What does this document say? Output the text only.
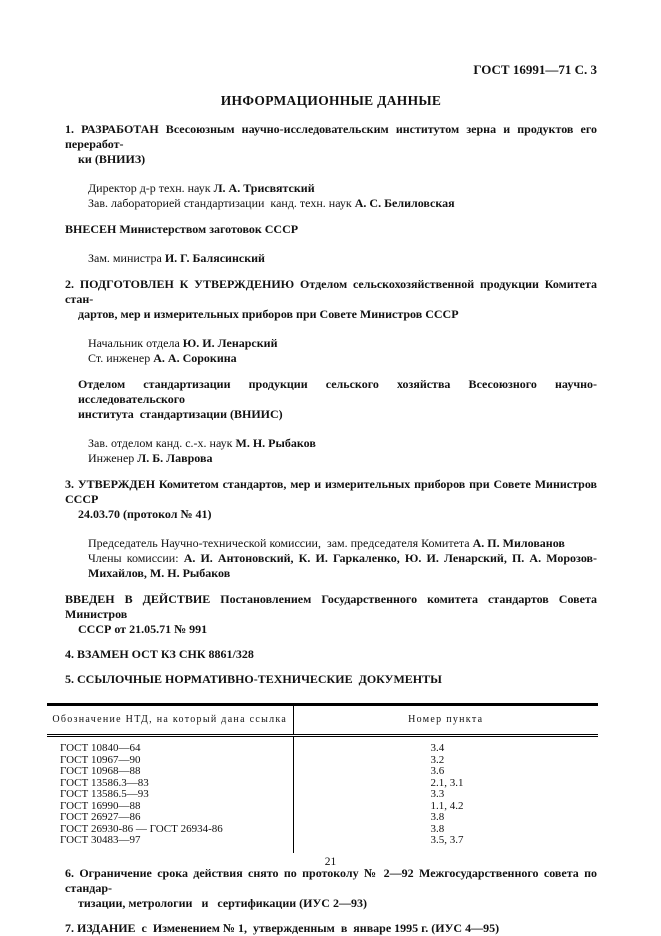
ГОСТ 16991—71 С. 3
ИНФОРМАЦИОННЫЕ ДАННЫЕ
1. РАЗРАБОТАН Всесоюзным научно-исследовательским институтом зерна и продуктов его переработ-
ки (ВНИИЗ)
Директор д-р техн. наук Л. А. Трисвятский
Зав. лабораторией стандартизации  канд. техн. наук А. С. Белиловская
ВНЕСЕН Министерством заготовок СССР
Зам. министра И. Г. Балясинский
2. ПОДГОТОВЛЕН К УТВЕРЖДЕНИЮ Отделом сельскохозяйственной продукции Комитета стан-
дартов, мер и измерительных приборов при Совете Министров СССР
Начальник отдела Ю. И. Ленарский
Ст. инженер А. А. Сорокина
Отделом стандартизации продукции сельского хозяйства Всесоюзного научно-исследовательского
института  стандартизации (ВНИИС)
Зав. отделом канд. с.-х. наук М. Н. Рыбаков
Инженер Л. Б. Лаврова
3. УТВЕРЖДЕН Комитетом стандартов, мер и измерительных приборов при Совете Министров СССР
24.03.70 (протокол № 41)
Председатель Научно-технической комиссии,  зам. председателя Комитета А. П. Милованов
Члены комиссии: А. И. Антоновский, К. И. Гаркаленко, Ю. И. Ленарский, П. А. Морозов-
Михайлов, М. Н. Рыбаков
ВВЕДЕН В ДЕЙСТВИЕ Постановлением Государственного комитета стандартов Совета Министров
СССР от 21.05.71 № 991
4. ВЗАМЕН ОСТ КЗ СНК 8861/328
5. ССЫЛОЧНЫЕ НОРМАТИВНО-ТЕХНИЧЕСКИЕ  ДОКУМЕНТЫ
Обозначение НТД, на который дана ссылка	Номер пункта
ГОСТ 10840—64	3.4
ГОСТ 10967—90	3.2
ГОСТ 10968—88	3.6
ГОСТ 13586.3—83	2.1, 3.1
ГОСТ 13586.5—93	3.3
ГОСТ 16990—88	1.1, 4.2
ГОСТ 26927—86	3.8
ГОСТ 26930-86 — ГОСТ 26934-86	3.8
ГОСТ 30483—97	3.5, 3.7
6. Ограничение срока действия снято по протоколу № 2—92 Межгосударственного совета по стандар-
тизации, метрологии   и   сертификации (ИУС 2—93)
7. ИЗДАНИЕ  с  Изменением № 1,  утвержденным  в  январе 1995 г. (ИУС 4—95)
21
